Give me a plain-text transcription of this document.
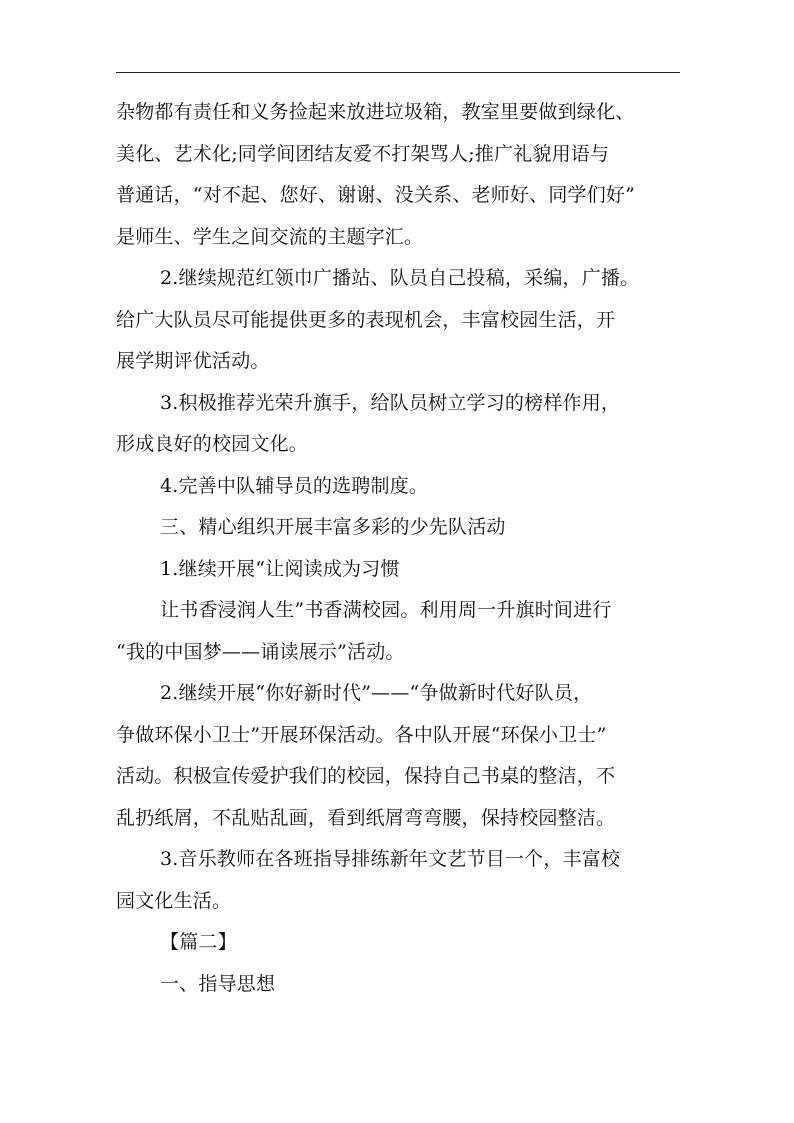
杂物都有责任和义务捡起来放进垃圾箱，教室里要做到绿化、
美化、艺术化;同学间团结友爱不打架骂人;推广礼貌用语与
普通话，“对不起、您好、谢谢、没关系、老师好、同学们好”
是师生、学生之间交流的主题字汇。
2.继续规范红领巾广播站、队员自己投稿，采编，广播。
给广大队员尽可能提供更多的表现机会，丰富校园生活，开
展学期评优活动。
3.积极推荐光荣升旗手，给队员树立学习的榜样作用，
形成良好的校园文化。
4.完善中队辅导员的选聘制度。
三、精心组织开展丰富多彩的少先队活动
1.继续开展“让阅读成为习惯
让书香浸润人生”书香满校园。利用周一升旗时间进行
“我的中国梦——诵读展示”活动。
2.继续开展“你好新时代”——“争做新时代好队员，
争做环保小卫士”开展环保活动。各中队开展“环保小卫士”
活动。积极宣传爱护我们的校园，保持自己书桌的整洁，不
乱扔纸屑，不乱贴乱画，看到纸屑弯弯腰，保持校园整洁。
3.音乐教师在各班指导排练新年文艺节目一个，丰富校
园文化生活。
【篇二】
一、指导思想
